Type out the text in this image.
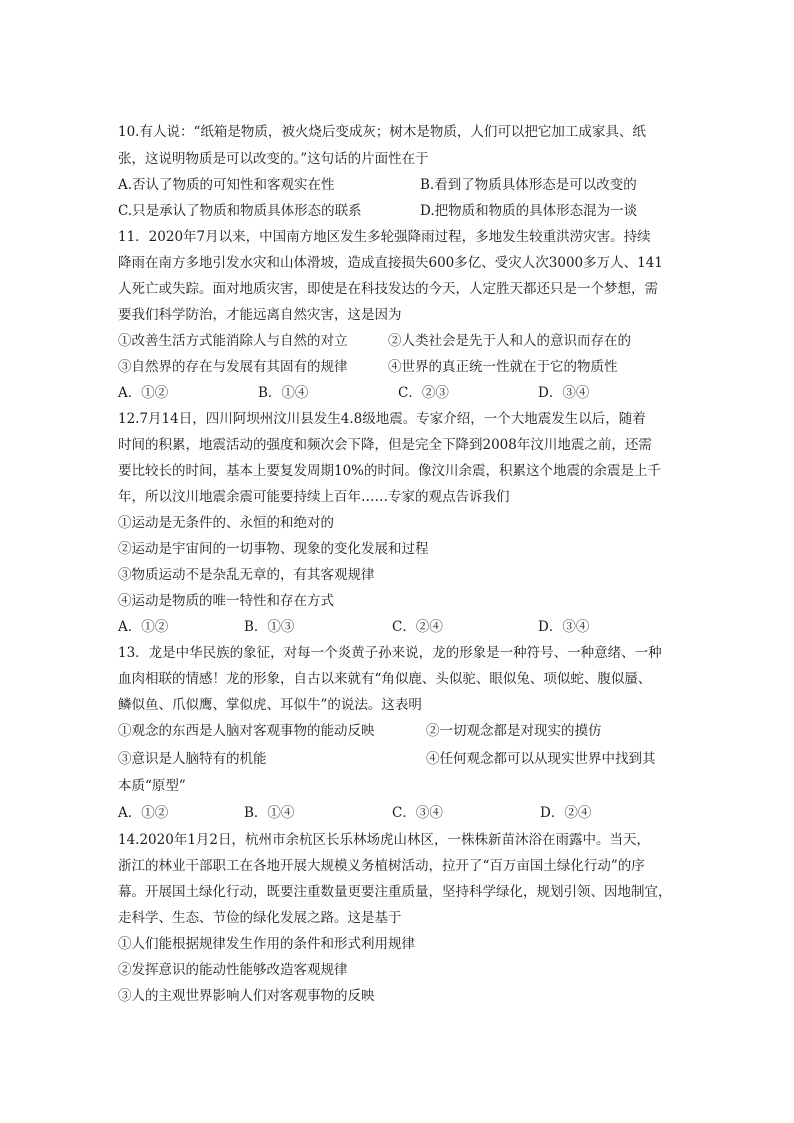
10.有人说：“纸箱是物质，被火烧后变成灰；树木是物质，人们可以把它加工成家具、纸
张，这说明物质是可以改变的。”这句话的片面性在于
A.否认了物质的可知性和客观实在性	B.看到了物质具体形态是可以改变的
C.只是承认了物质和物质具体形态的联系	D.把物质和物质的具体形态混为一谈
11．2020年7月以来，中国南方地区发生多轮强降雨过程，多地发生较重洪涝灾害。持续
降雨在南方多地引发水灾和山体滑坡，造成直接损失600多亿、受灾人次3000多万人、141
人死亡或失踪。面对地质灾害，即使是在科技发达的今天，人定胜天都还只是一个梦想，需
要我们科学防治，才能远离自然灾害，这是因为
①改善生活方式能消除人与自然的对立	②人类社会是先于人和人的意识而存在的
③自然界的存在与发展有其固有的规律	④世界的真正统一性就在于它的物质性
A．①②	B．①④	C．②③	D．③④
12.7月14日，四川阿坝州汶川县发生4.8级地震。专家介绍，一个大地震发生以后，随着
时间的积累，地震活动的强度和频次会下降，但是完全下降到2008年汶川地震之前，还需
要比较长的时间，基本上要复发周期10%的时间。像汶川余震，积累这个地震的余震是上千
年，所以汶川地震余震可能要持续上百年……专家的观点告诉我们
①运动是无条件的、永恒的和绝对的
②运动是宇宙间的一切事物、现象的变化发展和过程
③物质运动不是杂乱无章的，有其客观规律
④运动是物质的唯一特性和存在方式
A．①②	B．①③	C．②④	D．③④
13．龙是中华民族的象征，对每一个炎黄子孙来说，龙的形象是一种符号、一种意绪、一种
血肉相联的情感！龙的形象，自古以来就有“角似鹿、头似驼、眼似兔、项似蛇、腹似蜃、
鳞似鱼、爪似鹰、掌似虎、耳似牛”的说法。这表明
①观念的东西是人脑对客观事物的能动反映	②一切观念都是对现实的摸仿
③意识是人脑特有的机能	④任何观念都可以从现实世界中找到其
本质“原型”
A．①②	B．①④	C．③④	D．②④
14.2020年1月2日，杭州市余杭区长乐林场虎山林区，一株株新苗沐浴在雨露中。当天，
浙江的林业干部职工在各地开展大规模义务植树活动，拉开了“百万亩国土绿化行动”的序
幕。开展国土绿化行动，既要注重数量更要注重质量，坚持科学绿化，规划引领、因地制宜，
走科学、生态、节俭的绿化发展之路。这是基于
①人们能根据规律发生作用的条件和形式利用规律
②发挥意识的能动性能够改造客观规律
③人的主观世界影响人们对客观事物的反映
